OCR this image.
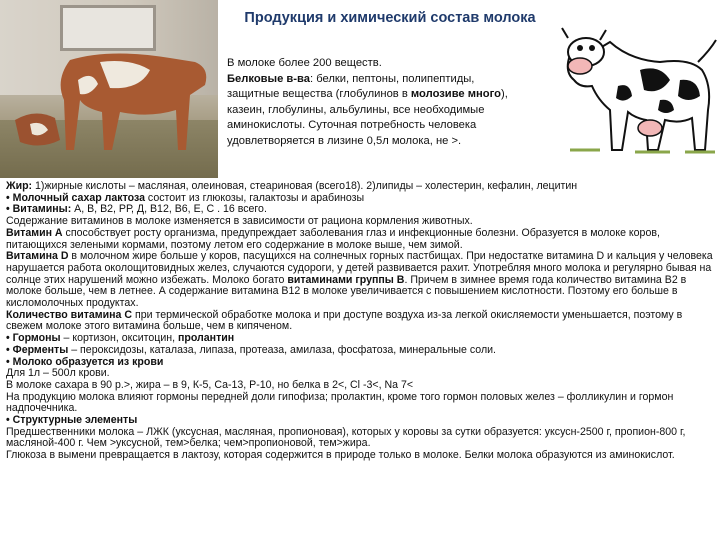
Продукция и химический состав молока
В молоке более 200 веществ.
Белковые в-ва: белки, пептоны, полипептиды, защитные вещества (глобулинов в молозиве много), казеин, глобулины, альбулины, все необходимые аминокислоты. Суточная потребность человека удовлетворяется в лизине 0,5л молока, не >.

Жир: 1)жирные кислоты – масляная, олеиновая, стеариновая (всего18). 2)липиды – холестерин, кефалин, лецитин

• Молочный сахар лактоза состоит из глюкозы, галактозы и арабинозы

• Витамины: А, В, В2, РР, Д, В12, В6, Е, С . 16 всего.

Содержание витаминов в молоке изменяется в зависимости от рациона кормления животных.

Витамин А способствует росту организма, предупреждает заболевания глаз и инфекционные болезни. Образуется в молоке коров, питающихся зелеными кормами, поэтому летом его содержание в молоке выше, чем зимой.

Витамина D в молочном жире больше у коров, пасущихся на солнечных горных пастбищах. При недостатке витамина D и кальция у человека нарушается работа околощитовидных желез, случаются судороги, у детей развивается рахит. Употребляя много молока и регулярно бывая на солнце этих нарушений можно избежать. Молоко богато витаминами группы В. Причем в зимнее время года количество витамина В2 в молоке больше, чем в летнее. А содержание витамина В12 в молоке увеличивается с повышением кислотности. Поэтому его больше в кисломолочных продуктах.

Количество витамина С при термической обработке молока и при доступе воздуха из-за легкой окисляемости уменьшается, поэтому в свежем молоке этого витамина больше, чем в кипяченом.

• Гормоны – кортизон, окситоцин, пролантин

• Ферменты – пероксидозы, каталаза, липаза, протеаза, амилаза, фосфатоза, минеральные соли.

• Молоко образуется из крови

Для 1л – 500л крови.

В молоке сахара в 90 р.>, жира – в 9, К-5, Са-13, Р-10, но белка в 2<, Cl -3<, Na 7<

На продукцию молока влияют гормоны передней доли гипофиза; пролактин, кроме того гормон половых желез – фолликулин и гормон надпочечника.

• Структурные элементы

Предшественники молока – ЛЖК (уксусная, масляная, пропионовая), которых у коровы за сутки образуется: уксусн-2500 г, пропион-800 г, масляной-400 г. Чем >уксусной, тем>белка; чем>пропионовой, тем>жира.

Глюкоза в вымени превращается в лактозу, которая содержится в природе только в молоке. Белки молока образуются из аминокислот.
